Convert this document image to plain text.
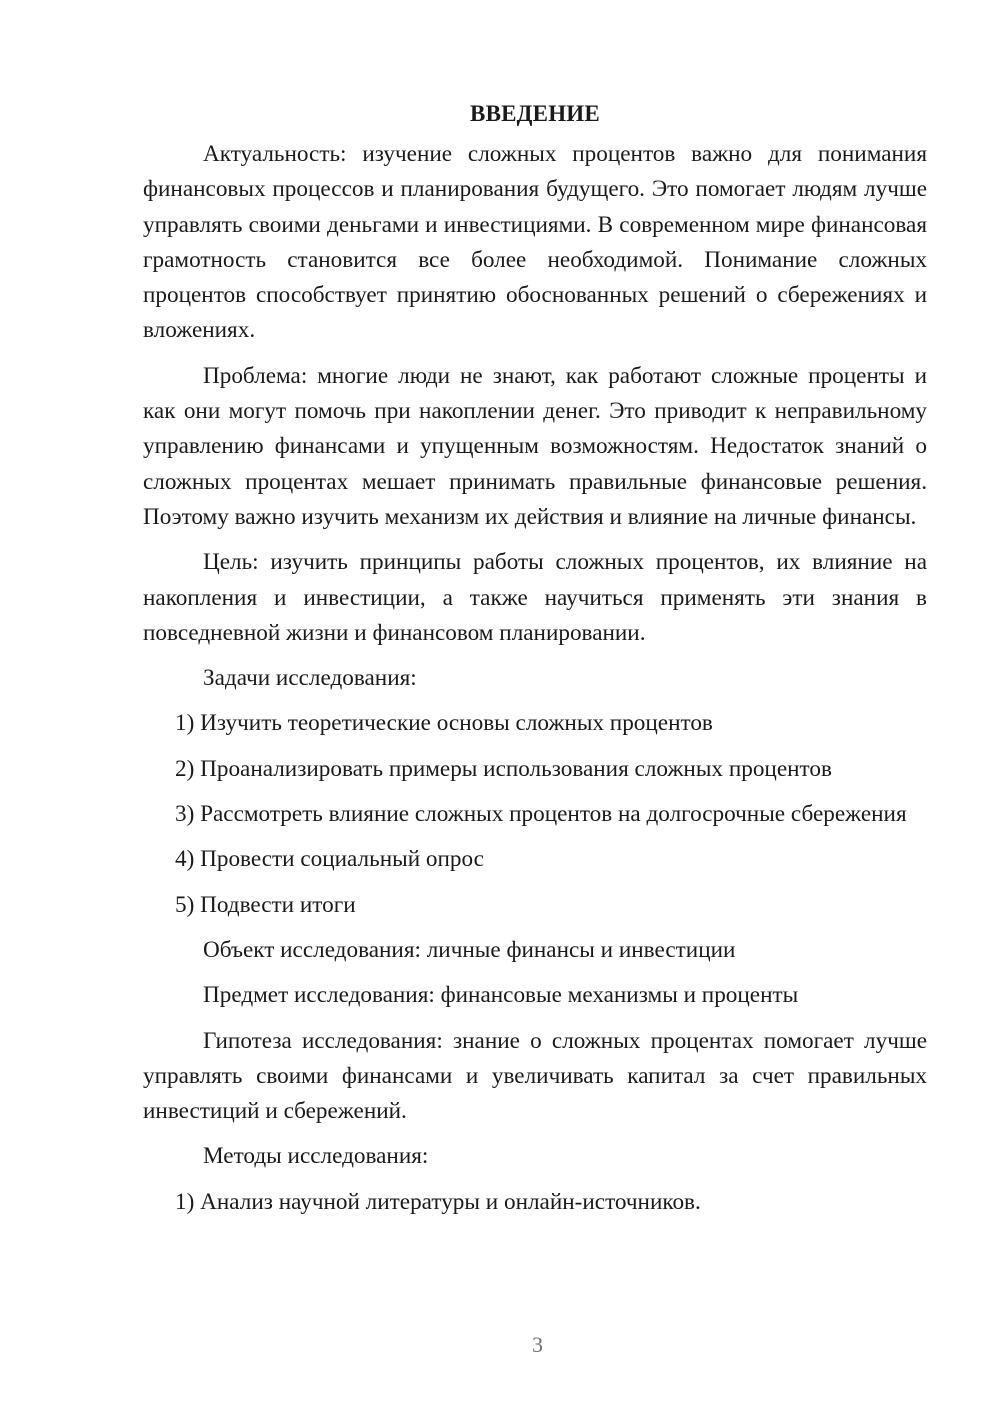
ВВЕДЕНИЕ

Актуальность: изучение сложных процентов важно для понимания финансовых процессов и планирования будущего. Это помогает людям лучше управлять своими деньгами и инвестициями. В современном мире финансовая грамотность становится все более необходимой. Понимание сложных процентов способствует принятию обоснованных решений о сбережениях и вложениях.

Проблема: многие люди не знают, как работают сложные проценты и как они могут помочь при накоплении денег. Это приводит к неправильному управлению финансами и упущенным возможностям. Недостаток знаний о сложных процентах мешает принимать правильные финансовые решения. Поэтому важно изучить механизм их действия и влияние на личные финансы.

Цель: изучить принципы работы сложных процентов, их влияние на накопления и инвестиции, а также научиться применять эти знания в повседневной жизни и финансовом планировании.

Задачи исследования:

1) Изучить теоретические основы сложных процентов

2) Проанализировать примеры использования сложных процентов

3) Рассмотреть влияние сложных процентов на долгосрочные сбережения

4) Провести социальный опрос

5) Подвести итоги

Объект исследования: личные финансы и инвестиции

Предмет исследования: финансовые механизмы и проценты

Гипотеза исследования: знание о сложных процентах помогает лучше управлять своими финансами и увеличивать капитал за счет правильных инвестиций и сбережений.

Методы исследования:

1) Анализ научной литературы и онлайн-источников.

3
